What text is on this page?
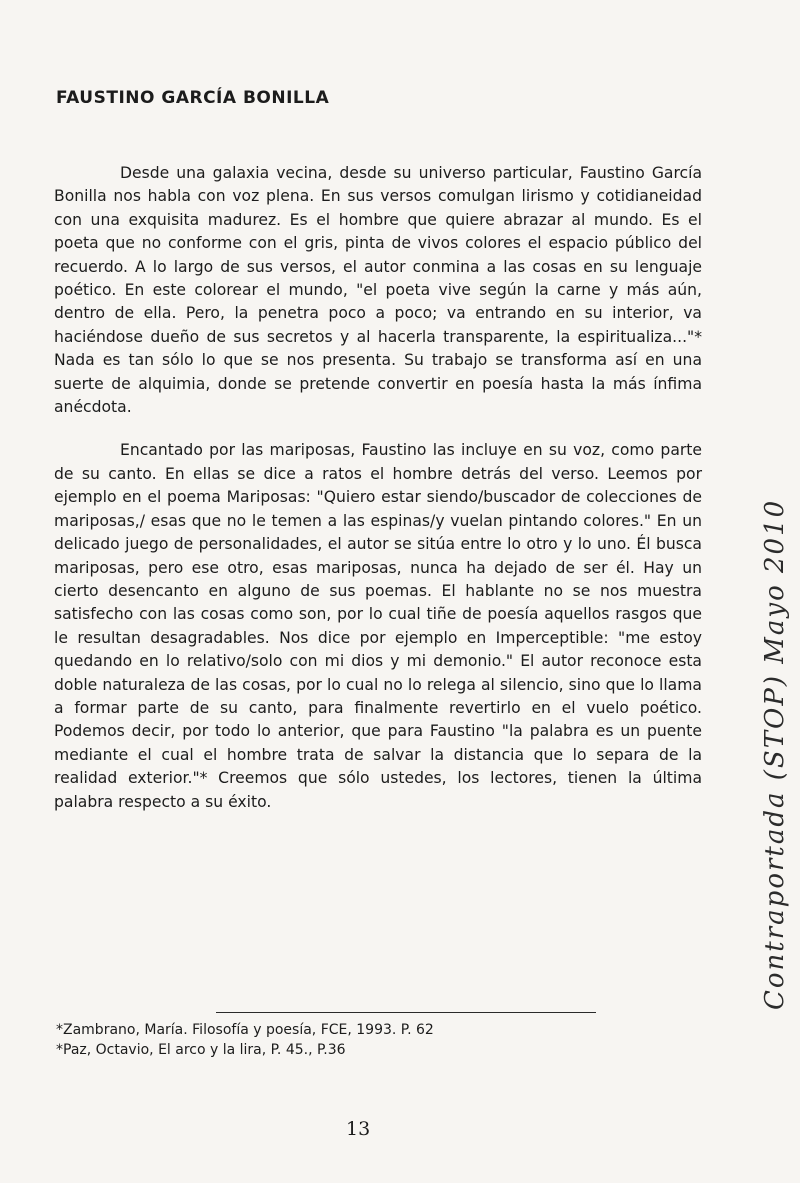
FAUSTINO GARCÍA BONILLA

Desde una galaxia vecina, desde su universo particular, Faustino García Bonilla nos habla con voz plena. En sus versos comulgan lirismo y cotidianeidad con una exquisita madurez. Es el hombre que quiere abrazar al mundo. Es el poeta que no conforme con el gris, pinta de vivos colores el espacio público del recuerdo. A lo largo de sus versos, el autor conmina a las cosas en su lenguaje poético. En este colorear el mundo, "el poeta vive según la carne y más aún, dentro de ella. Pero, la penetra poco a poco; va entrando en su interior, va haciéndose dueño de sus secretos y al hacerla transparente, la espiritualiza..."* Nada es tan sólo lo que se nos presenta. Su trabajo se transforma así en una suerte de alquimia, donde se pretende convertir en poesía hasta la más ínfima anécdota.

Encantado por las mariposas, Faustino las incluye en su voz, como parte de su canto. En ellas se dice a ratos el hombre detrás del verso. Leemos por ejemplo en el poema Mariposas: "Quiero estar siendo/buscador de colecciones de mariposas,/ esas que no le temen a las espinas/y vuelan pintando colores." En un delicado juego de personalidades, el autor se sitúa entre lo otro y lo uno. Él busca mariposas, pero ese otro, esas mariposas, nunca ha dejado de ser él. Hay un cierto desencanto en alguno de sus poemas. El hablante no se nos muestra satisfecho con las cosas como son, por lo cual tiñe de poesía aquellos rasgos que le resultan desagradables. Nos dice por ejemplo en Imperceptible: "me estoy quedando en lo relativo/solo con mi dios y mi demonio." El autor reconoce esta doble naturaleza de las cosas, por lo cual no lo relega al silencio, sino que lo llama a formar parte de su canto, para finalmente revertirlo en el vuelo poético. Podemos decir, por todo lo anterior, que para Faustino "la palabra es un puente mediante el cual el hombre trata de salvar la distancia que lo separa de la realidad exterior."* Creemos que sólo ustedes, los lectores, tienen la última palabra respecto a su éxito.

*Zambrano, María. Filosofía y poesía, FCE, 1993. P. 62
*Paz, Octavio, El arco y la lira, P. 45., P.36
13
Contraportada (STOP) Mayo 2010
